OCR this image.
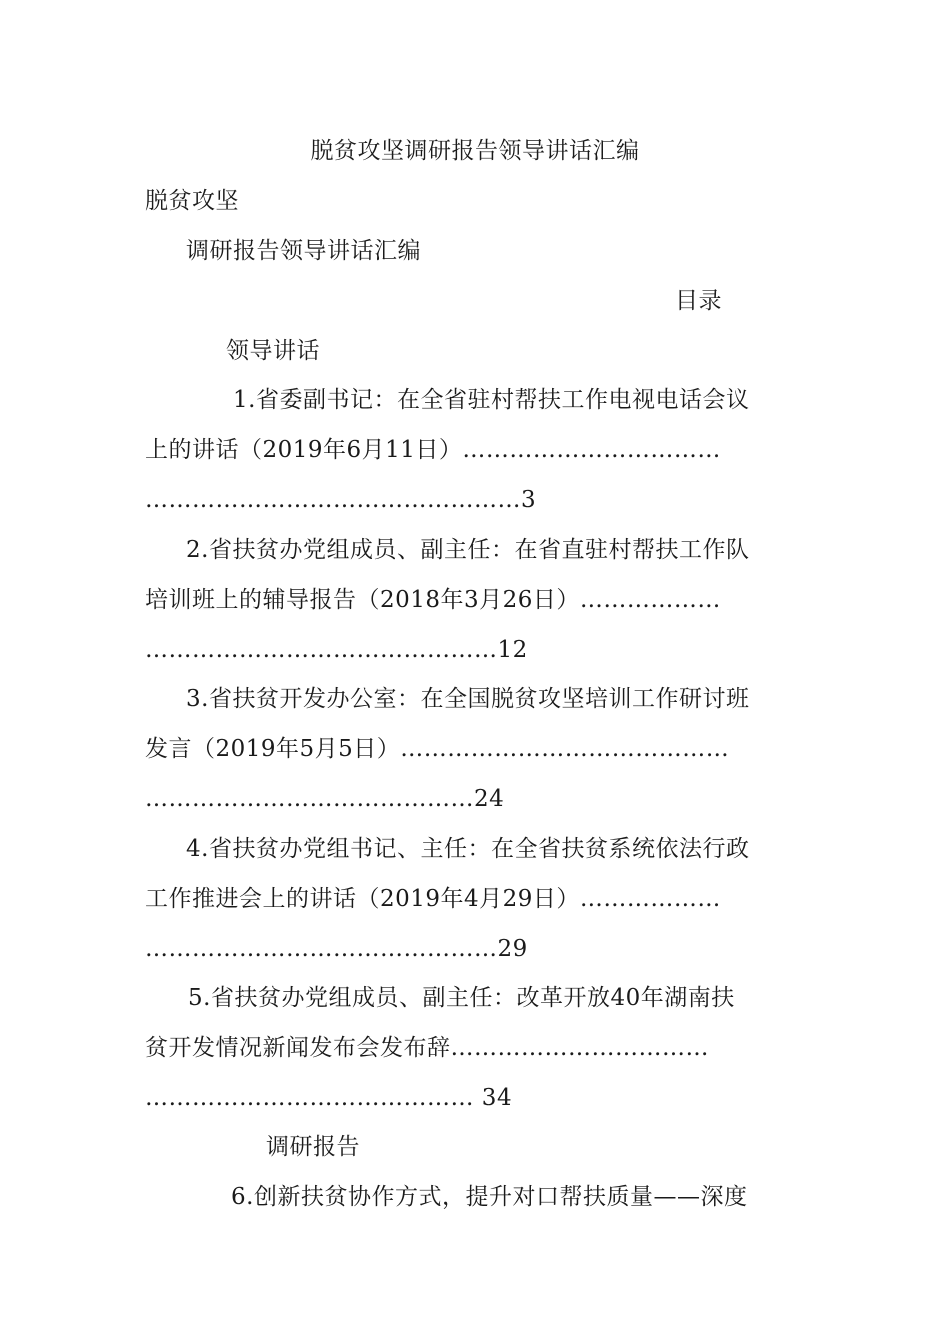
脱贫攻坚调研报告领导讲话汇编
脱贫攻坚
调研报告领导讲话汇编
目录
领导讲话
1.省委副书记：在全省驻村帮扶工作电视电话会议
上的讲话（2019年6月11日）……………………………
…………………………………………3
2.省扶贫办党组成员、副主任：在省直驻村帮扶工作队
培训班上的辅导报告（2018年3月26日）………………
………………………………………12
3.省扶贫开发办公室：在全国脱贫攻坚培训工作研讨班
发言（2019年5月5日）……………………………………
……………………………………24
4.省扶贫办党组书记、主任：在全省扶贫系统依法行政
工作推进会上的讲话（2019年4月29日）………………
………………………………………29
5.省扶贫办党组成员、副主任：改革开放40年湖南扶
贫开发情况新闻发布会发布辞……………………………
…………………………………… 34
调研报告
6.创新扶贫协作方式，提升对口帮扶质量——深度
